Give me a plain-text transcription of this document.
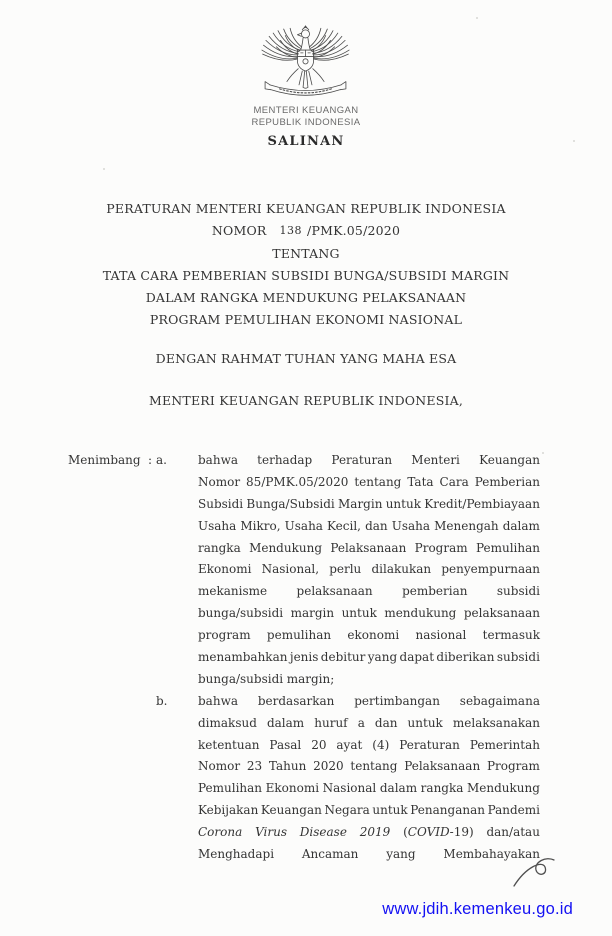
MENTERI KEUANGAN
REPUBLIK INDONESIA
SALINAN
PERATURAN MENTERI KEUANGAN REPUBLIK INDONESIA
NOMOR 138 /PMK.05/2020
TENTANG
TATA CARA PEMBERIAN SUBSIDI BUNGA/SUBSIDI MARGIN
DALAM RANGKA MENDUKUNG PELAKSANAAN
PROGRAM PEMULIHAN EKONOMI NASIONAL
DENGAN RAHMAT TUHAN YANG MAHA ESA
MENTERI KEUANGAN REPUBLIK INDONESIA,
Menimbang : a.	bahwa terhadap Peraturan Menteri Keuangan
Nomor 85/PMK.05/2020 tentang Tata Cara Pemberian
Subsidi Bunga/Subsidi Margin untuk Kredit/Pembiayaan
Usaha Mikro, Usaha Kecil, dan Usaha Menengah dalam
rangka Mendukung Pelaksanaan Program Pemulihan
Ekonomi Nasional, perlu dilakukan penyempurnaan
mekanisme pelaksanaan pemberian subsidi
bunga/subsidi margin untuk mendukung pelaksanaan
program pemulihan ekonomi nasional termasuk
menambahkan jenis debitur yang dapat diberikan subsidi
bunga/subsidi margin;
b.	bahwa berdasarkan pertimbangan sebagaimana
dimaksud dalam huruf a dan untuk melaksanakan
ketentuan Pasal 20 ayat (4) Peraturan Pemerintah
Nomor 23 Tahun 2020 tentang Pelaksanaan Program
Pemulihan Ekonomi Nasional dalam rangka Mendukung
Kebijakan Keuangan Negara untuk Penanganan Pandemi
Corona Virus Disease 2019 (COVID-19) dan/atau
Menghadapi Ancaman yang Membahayakan
www.jdih.kemenkeu.go.id
